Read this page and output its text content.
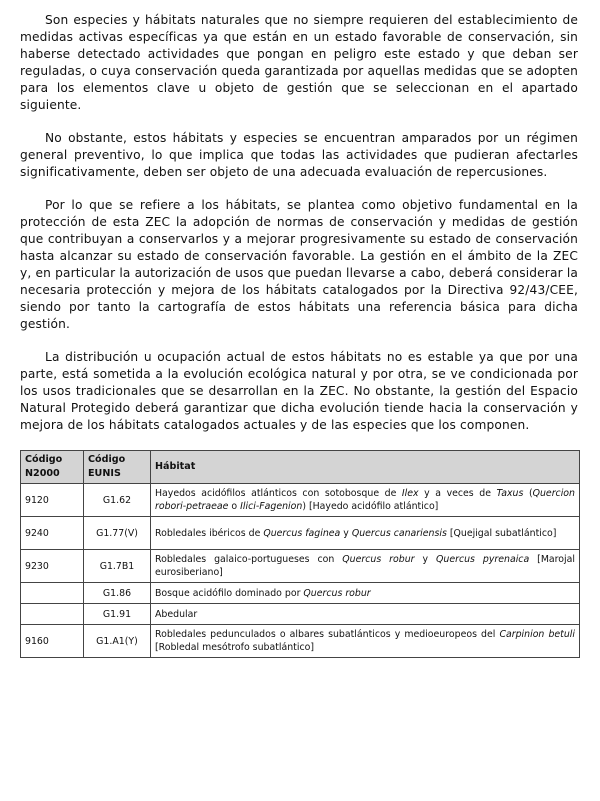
Son especies y hábitats naturales que no siempre requieren del establecimiento de medidas activas específicas ya que están en un estado favorable de conservación, sin haberse detectado actividades que pongan en peligro este estado y que deban ser reguladas, o cuya conservación queda garantizada por aquellas medidas que se adopten para los elementos clave u objeto de gestión que se seleccionan en el apartado siguiente.

No obstante, estos hábitats y especies se encuentran amparados por un régimen general preventivo, lo que implica que todas las actividades que pudieran afectarles significativamente, deben ser objeto de una adecuada evaluación de repercusiones.

Por lo que se refiere a los hábitats, se plantea como objetivo fundamental en la protección de esta ZEC la adopción de normas de conservación y medidas de gestión que contribuyan a conservarlos y a mejorar progresivamente su estado de conservación hasta alcanzar su estado de conservación favorable. La gestión en el ámbito de la ZEC y, en particular la autorización de usos que puedan llevarse a cabo, deberá considerar la necesaria protección y mejora de los hábitats catalogados por la Directiva 92/43/CEE, siendo por tanto la cartografía de estos hábitats una referencia básica para dicha gestión.

La distribución u ocupación actual de estos hábitats no es estable ya que por una parte, está sometida a la evolución ecológica natural y por otra, se ve condicionada por los usos tradicionales que se desarrollan en la ZEC. No obstante, la gestión del Espacio Natural Protegido deberá garantizar que dicha evolución tiende hacia la conservación y mejora de los hábitats catalogados actuales y de las especies que los componen.

Código N2000	Código EUNIS	Hábitat
9120	G1.62	Hayedos acidófilos atlánticos con sotobosque de Ilex y a veces de Taxus (Quercion robori-petraeae o Ilici-Fagenion) [Hayedo acidófilo atlántico]
9240	G1.77(V)	Robledales ibéricos de Quercus faginea y Quercus canariensis [Quejigal subatlántico]
9230	G1.7B1	Robledales galaico-portugueses con Quercus robur y Quercus pyrenaica [Marojal eurosiberiano]
	G1.86	Bosque acidófilo dominado por Quercus robur
	G1.91	Abedular
9160	G1.A1(Y)	Robledales pedunculados o albares subatlánticos y medioeuropeos del Carpinion betuli [Robledal mesótrofo subatlántico]
